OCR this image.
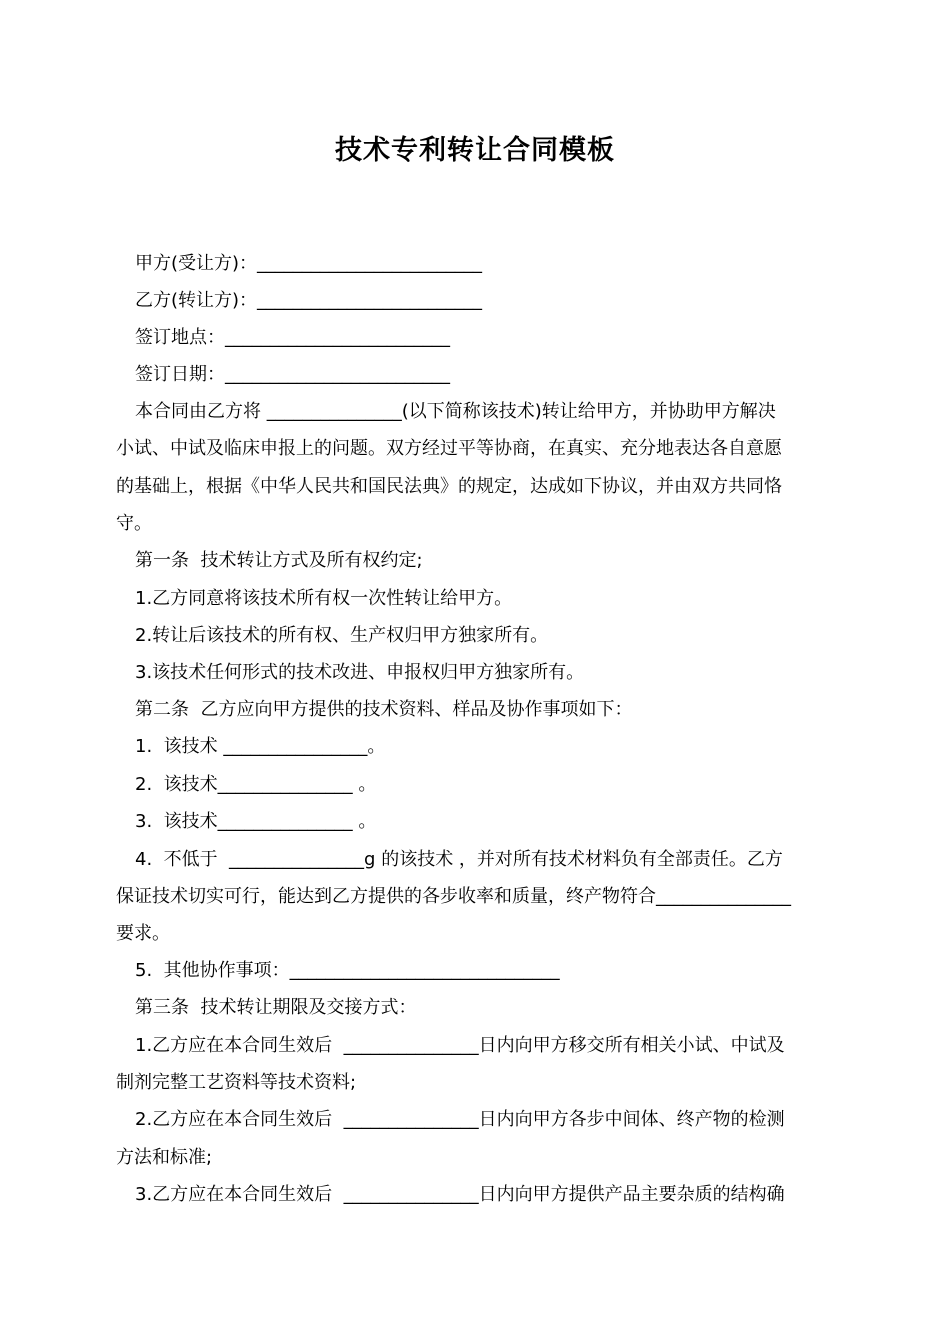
技术专利转让合同模板
甲方(受让方)：_________________________
乙方(转让方)：_________________________
签订地点：_________________________
签订日期：_________________________
本合同由乙方将 _______________(以下简称该技术)转让给甲方，并协助甲方解决
小试、中试及临床申报上的问题。双方经过平等协商，在真实、充分地表达各自意愿
的基础上，根据《中华人民共和国民法典》的规定，达成如下协议，并由双方共同恪
守。
第一条  技术转让方式及所有权约定;
1.乙方同意将该技术所有权一次性转让给甲方。
2.转让后该技术的所有权、生产权归甲方独家所有。
3.该技术任何形式的技术改进、申报权归甲方独家所有。
第二条  乙方应向甲方提供的技术资料、样品及协作事项如下：
1.  该技术 ________________。
2.  该技术_______________ 。
3.  该技术_______________ 。
4.  不低于  _______________g 的该技术 ，并对所有技术材料负有全部责任。乙方
保证技术切实可行，能达到乙方提供的各步收率和质量，终产物符合_______________
要求。
5.  其他协作事项：______________________________
第三条  技术转让期限及交接方式：
1.乙方应在本合同生效后  _______________日内向甲方移交所有相关小试、中试及
制剂完整工艺资料等技术资料;
2.乙方应在本合同生效后  _______________日内向甲方各步中间体、终产物的检测
方法和标准;
3.乙方应在本合同生效后  _______________日内向甲方提供产品主要杂质的结构确
